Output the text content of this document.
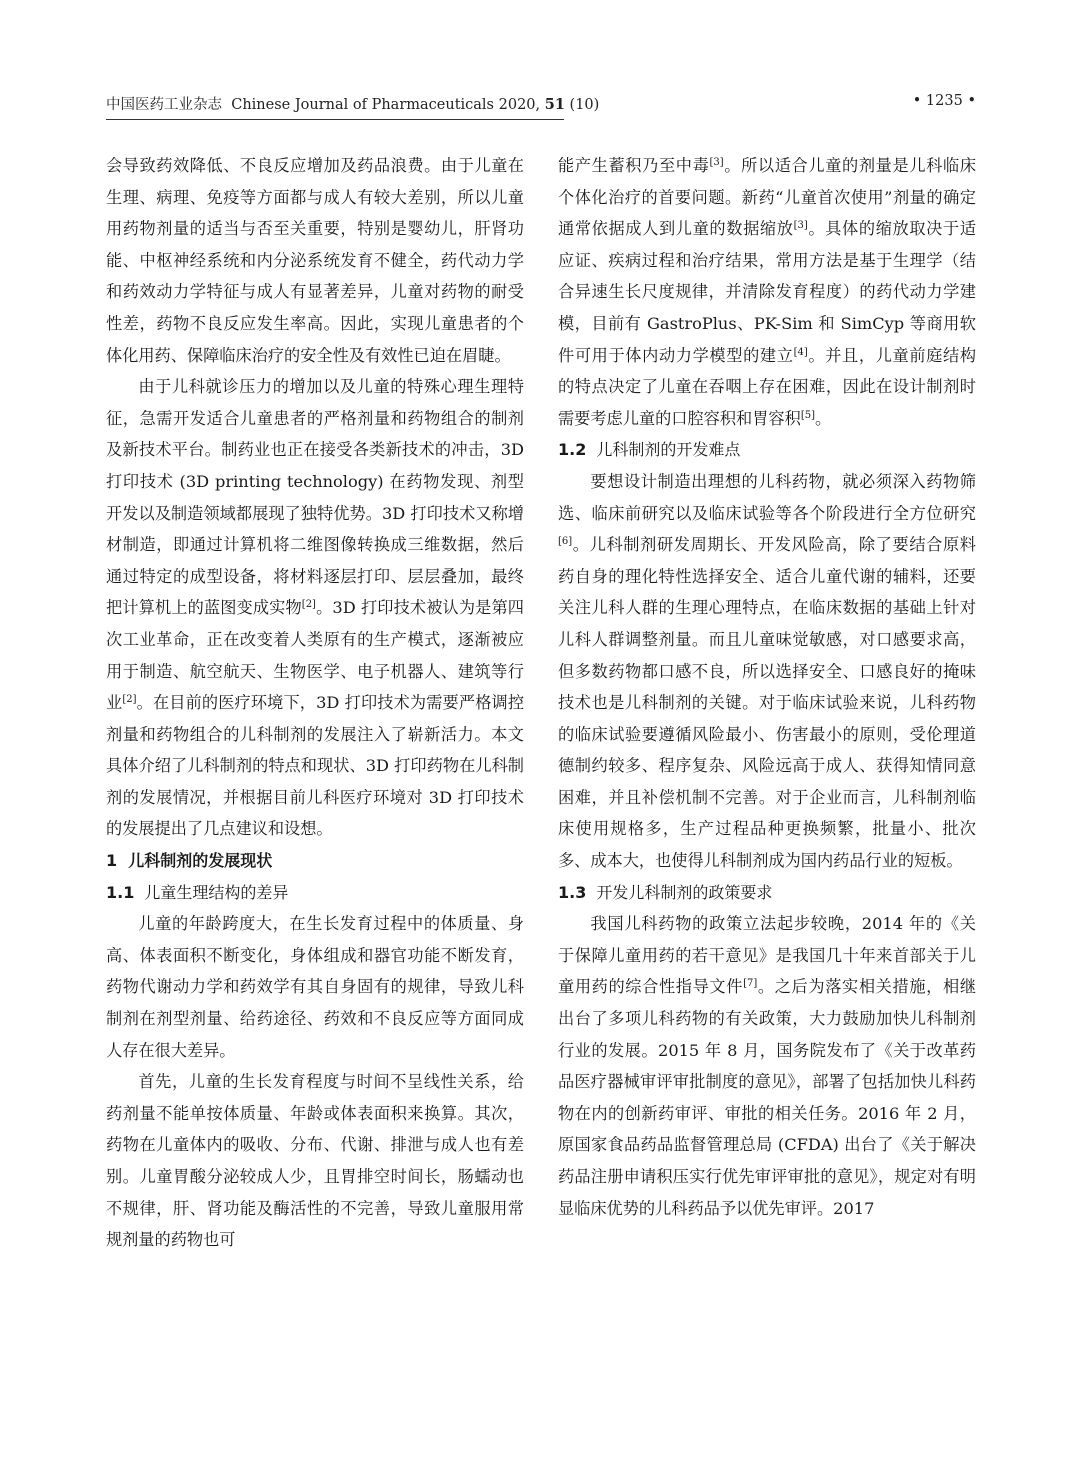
中国医药工业杂志 Chinese Journal of Pharmaceuticals 2020, 51 (10)	• 1235 •

会导致药效降低、不良反应增加及药品浪费。由于儿童在生理、病理、免疫等方面都与成人有较大差别，所以儿童用药物剂量的适当与否至关重要，特别是婴幼儿，肝肾功能、中枢神经系统和内分泌系统发育不健全，药代动力学和药效动力学特征与成人有显著差异，儿童对药物的耐受性差，药物不良反应发生率高。因此，实现儿童患者的个体化用药、保障临床治疗的安全性及有效性已迫在眉睫。

由于儿科就诊压力的增加以及儿童的特殊心理生理特征，急需开发适合儿童患者的严格剂量和药物组合的制剂及新技术平台。制药业也正在接受各类新技术的冲击，3D 打印技术 (3D printing technology) 在药物发现、剂型开发以及制造领域都展现了独特优势。3D 打印技术又称增材制造，即通过计算机将二维图像转换成三维数据，然后通过特定的成型设备，将材料逐层打印、层层叠加，最终把计算机上的蓝图变成实物[2]。3D 打印技术被认为是第四次工业革命，正在改变着人类原有的生产模式，逐渐被应用于制造、航空航天、生物医学、电子机器人、建筑等行业[2]。在目前的医疗环境下，3D 打印技术为需要严格调控剂量和药物组合的儿科制剂的发展注入了崭新活力。本文具体介绍了儿科制剂的特点和现状、3D 打印药物在儿科制剂的发展情况，并根据目前儿科医疗环境对 3D 打印技术的发展提出了几点建议和设想。

1 儿科制剂的发展现状

1.1 儿童生理结构的差异

儿童的年龄跨度大，在生长发育过程中的体质量、身高、体表面积不断变化，身体组成和器官功能不断发育，药物代谢动力学和药效学有其自身固有的规律，导致儿科制剂在剂型剂量、给药途径、药效和不良反应等方面同成人存在很大差异。

首先，儿童的生长发育程度与时间不呈线性关系，给药剂量不能单按体质量、年龄或体表面积来换算。其次，药物在儿童体内的吸收、分布、代谢、排泄与成人也有差别。儿童胃酸分泌较成人少，且胃排空时间长，肠蠕动也不规律，肝、肾功能及酶活性的不完善，导致儿童服用常规剂量的药物也可

能产生蓄积乃至中毒[3]。所以适合儿童的剂量是儿科临床个体化治疗的首要问题。新药“儿童首次使用”剂量的确定通常依据成人到儿童的数据缩放[3]。具体的缩放取决于适应证、疾病过程和治疗结果，常用方法是基于生理学（结合异速生长尺度规律，并清除发育程度）的药代动力学建模，目前有 GastroPlus、PK-Sim 和 SimCyp 等商用软件可用于体内动力学模型的建立[4]。并且，儿童前庭结构的特点决定了儿童在吞咽上存在困难，因此在设计制剂时需要考虑儿童的口腔容积和胃容积[5]。

1.2 儿科制剂的开发难点

要想设计制造出理想的儿科药物，就必须深入药物筛选、临床前研究以及临床试验等各个阶段进行全方位研究[6]。儿科制剂研发周期长、开发风险高，除了要结合原料药自身的理化特性选择安全、适合儿童代谢的辅料，还要关注儿科人群的生理心理特点，在临床数据的基础上针对儿科人群调整剂量。而且儿童味觉敏感，对口感要求高，但多数药物都口感不良，所以选择安全、口感良好的掩味技术也是儿科制剂的关键。对于临床试验来说，儿科药物的临床试验要遵循风险最小、伤害最小的原则，受伦理道德制约较多、程序复杂、风险远高于成人、获得知情同意困难，并且补偿机制不完善。对于企业而言，儿科制剂临床使用规格多，生产过程品种更换频繁，批量小、批次多、成本大，也使得儿科制剂成为国内药品行业的短板。

1.3 开发儿科制剂的政策要求

我国儿科药物的政策立法起步较晚，2014 年的《关于保障儿童用药的若干意见》是我国几十年来首部关于儿童用药的综合性指导文件[7]。之后为落实相关措施，相继出台了多项儿科药物的有关政策，大力鼓励加快儿科制剂行业的发展。2015 年 8 月，国务院发布了《关于改革药品医疗器械审评审批制度的意见》，部署了包括加快儿科药物在内的创新药审评、审批的相关任务。2016 年 2 月，原国家食品药品监督管理总局 (CFDA) 出台了《关于解决药品注册申请积压实行优先审评审批的意见》，规定对有明显临床优势的儿科药品予以优先审评。2017
